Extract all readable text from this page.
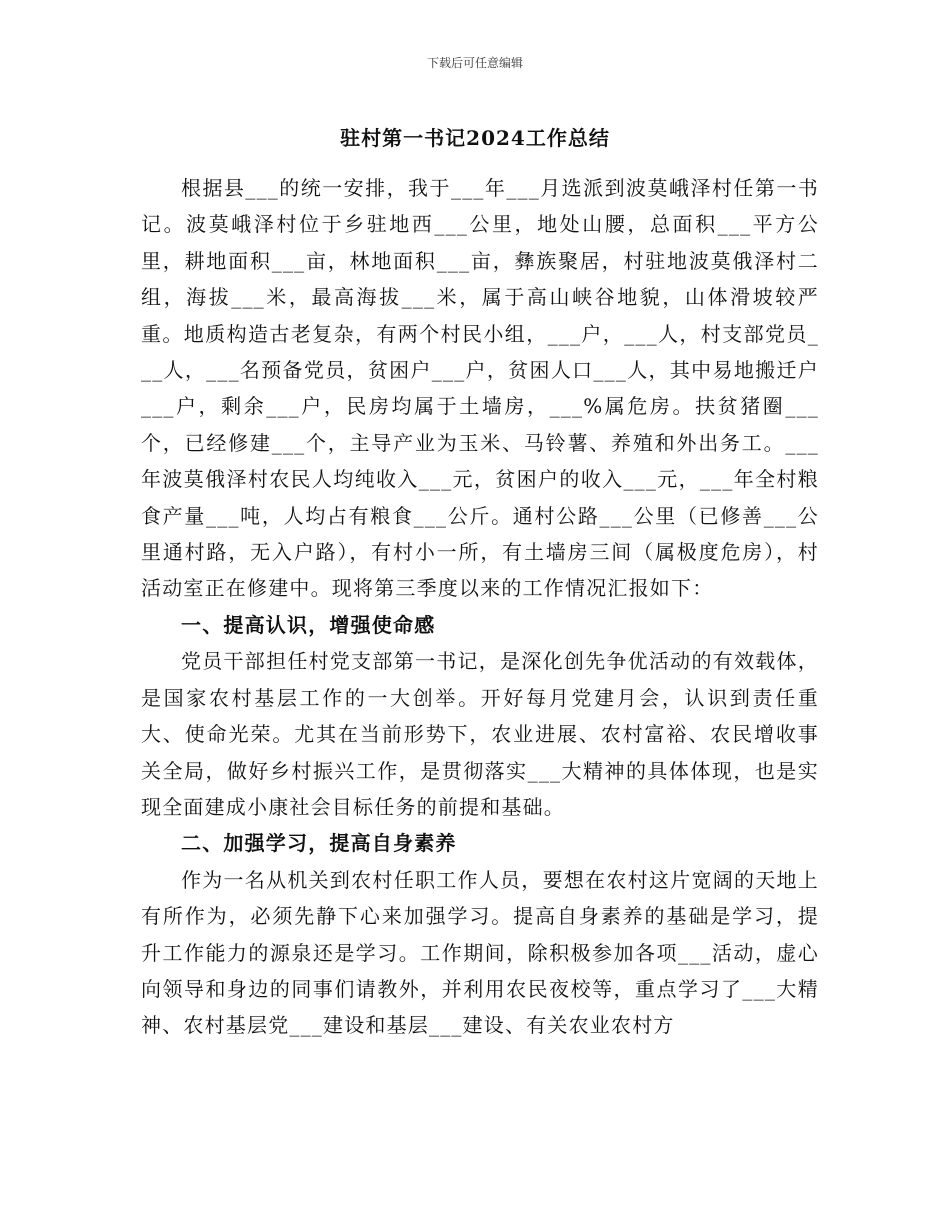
下载后可任意编辑
驻村第一书记2024工作总结

根据县___的统一安排，我于___年___月选派到波莫峨泽村任第一书记。波莫峨泽村位于乡驻地西___公里，地处山腰，总面积___平方公里，耕地面积___亩，林地面积___亩，彝族聚居，村驻地波莫俄泽村二组，海拔___米，最高海拔___米，属于高山峡谷地貌，山体滑坡较严重。地质构造古老复杂，有两个村民小组，___户，___人，村支部党员___人，___名预备党员，贫困户___户，贫困人口___人，其中易地搬迁户___户，剩余___户，民房均属于土墙房，___%属危房。扶贫猪圈___个，已经修建___个，主导产业为玉米、马铃薯、养殖和外出务工。___年波莫俄泽村农民人均纯收入___元，贫困户的收入___元，___年全村粮食产量___吨，人均占有粮食___公斤。通村公路___公里（已修善___公里通村路，无入户路），有村小一所，有土墙房三间（属极度危房），村活动室正在修建中。现将第三季度以来的工作情况汇报如下：

一、提高认识，增强使命感

党员干部担任村党支部第一书记，是深化创先争优活动的有效载体，是国家农村基层工作的一大创举。开好每月党建月会，认识到责任重大、使命光荣。尤其在当前形势下，农业进展、农村富裕、农民增收事关全局，做好乡村振兴工作，是贯彻落实___大精神的具体体现，也是实现全面建成小康社会目标任务的前提和基础。

二、加强学习，提高自身素养

作为一名从机关到农村任职工作人员，要想在农村这片宽阔的天地上有所作为，必须先静下心来加强学习。提高自身素养的基础是学习，提升工作能力的源泉还是学习。工作期间，除积极参加各项___活动，虚心向领导和身边的同事们请教外，并利用农民夜校等，重点学习了___大精神、农村基层党___建设和基层___建设、有关农业农村方
